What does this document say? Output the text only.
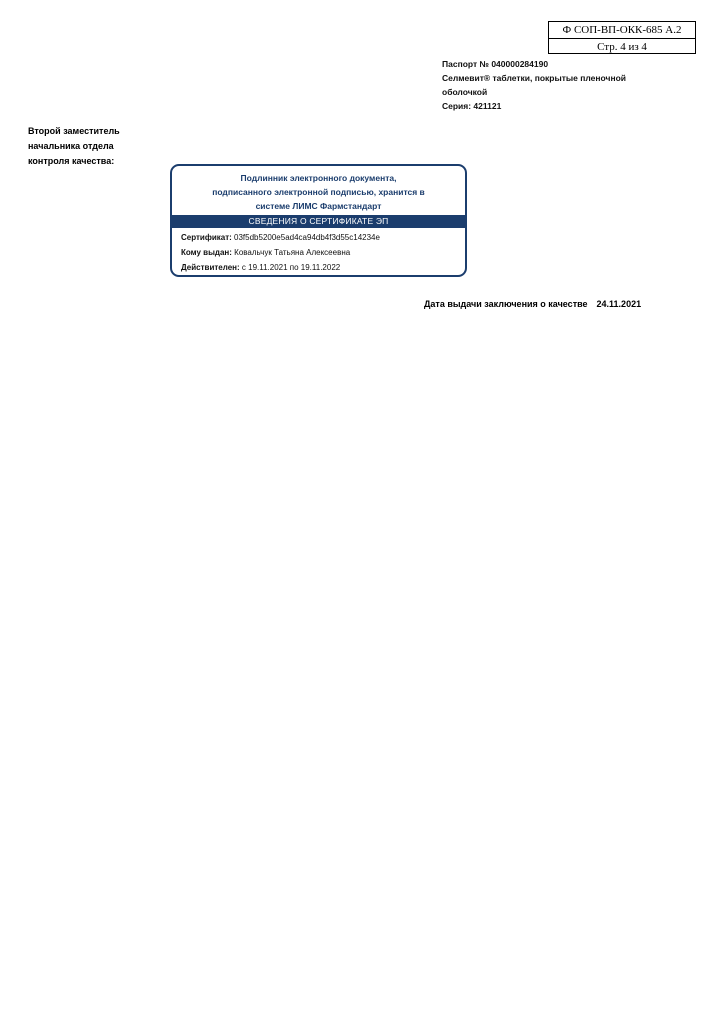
Ф СОП-ВП-ОКК-685 А.2
Стр. 4 из 4
Паспорт № 040000284190
Селмевит® таблетки, покрытые пленочной
оболочкой
Серия: 421121
Второй заместитель
начальника отдела
контроля качества:
Подлинник электронного документа,
подписанного электронной подписью, хранится в
системе ЛИМС Фармстандарт
СВЕДЕНИЯ О СЕРТИФИКАТЕ ЭП
Сертификат: 03f5db5200e5ad4ca94db4f3d55c14234e
Кому выдан: Ковальчук Татьяна Алексеевна
Действителен: с 19.11.2021 по 19.11.2022
Дата выдачи заключения о качестве 24.11.2021
